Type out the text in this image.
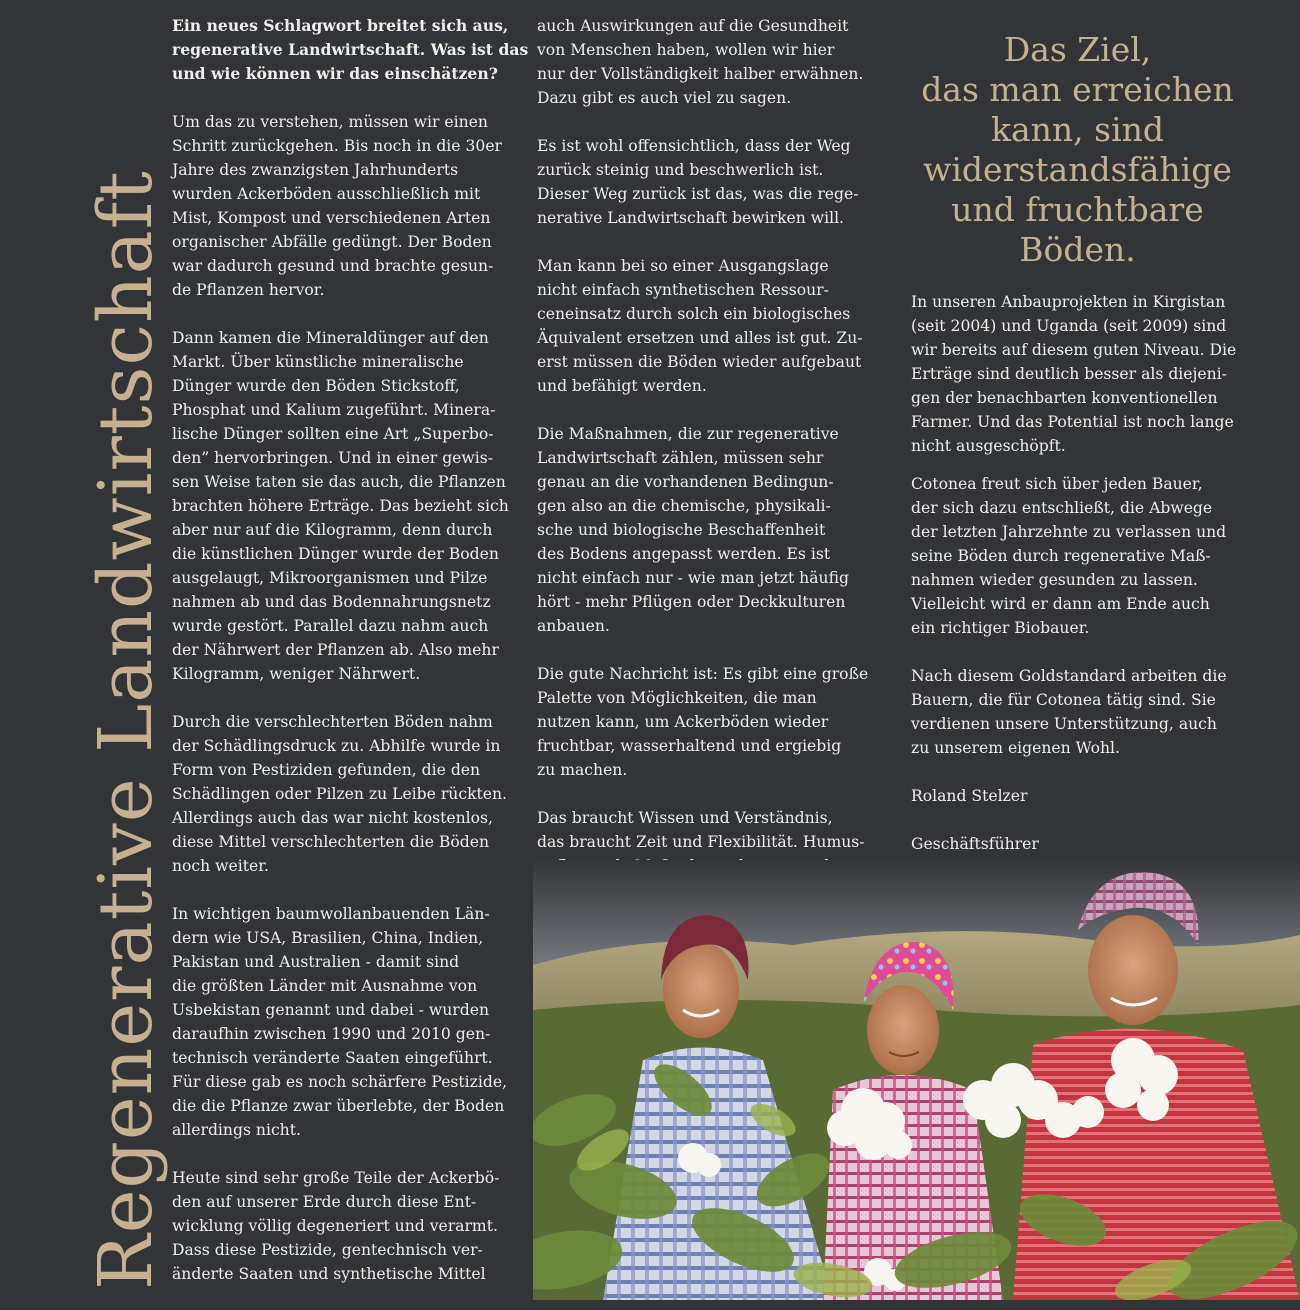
Regenerative Landwirtschaft

Ein neues Schlagwort breitet sich aus,
regenerative Landwirtschaft. Was ist das
und wie können wir das einschätzen?

Um das zu verstehen, müssen wir einen
Schritt zurückgehen. Bis noch in die 30er
Jahre des zwanzigsten Jahrhunderts
wurden Ackerböden ausschließlich mit
Mist, Kompost und verschiedenen Arten
organischer Abfälle gedüngt. Der Boden
war dadurch gesund und brachte gesun-
de Pflanzen hervor.

Dann kamen die Mineraldünger auf den
Markt. Über künstliche mineralische
Dünger wurde den Böden Stickstoff,
Phosphat und Kalium zugeführt. Minera-
lische Dünger sollten eine Art „Superbo-
den” hervorbringen. Und in einer gewis-
sen Weise taten sie das auch, die Pflanzen
brachten höhere Erträge. Das bezieht sich
aber nur auf die Kilogramm, denn durch
die künstlichen Dünger wurde der Boden
ausgelaugt, Mikroorganismen und Pilze
nahmen ab und das Bodennahrungsnetz
wurde gestört. Parallel dazu nahm auch
der Nährwert der Pflanzen ab. Also mehr
Kilogramm, weniger Nährwert.

Durch die verschlechterten Böden nahm
der Schädlingsdruck zu. Abhilfe wurde in
Form von Pestiziden gefunden, die den
Schädlingen oder Pilzen zu Leibe rückten.
Allerdings auch das war nicht kostenlos,
diese Mittel verschlechterten die Böden
noch weiter.

In wichtigen baumwollanbauenden Län-
dern wie USA, Brasilien, China, Indien,
Pakistan und Australien - damit sind
die größten Länder mit Ausnahme von
Usbekistan genannt und dabei - wurden
daraufhin zwischen 1990 und 2010 gen-
technisch veränderte Saaten eingeführt.
Für diese gab es noch schärfere Pestizide,
die die Pflanze zwar überlebte, der Boden
allerdings nicht.

Heute sind sehr große Teile der Ackerbö-
den auf unserer Erde durch diese Ent-
wicklung völlig degeneriert und verarmt.
Dass diese Pestizide, gentechnisch ver-
änderte Saaten und synthetische Mittel

auch Auswirkungen auf die Gesundheit
von Menschen haben, wollen wir hier
nur der Vollständigkeit halber erwähnen.
Dazu gibt es auch viel zu sagen.

Es ist wohl offensichtlich, dass der Weg
zurück steinig und beschwerlich ist.
Dieser Weg zurück ist das, was die rege-
nerative Landwirtschaft bewirken will.

Man kann bei so einer Ausgangslage
nicht einfach synthetischen Ressour-
ceneinsatz durch solch ein biologisches
Äquivalent ersetzen und alles ist gut. Zu-
erst müssen die Böden wieder aufgebaut
und befähigt werden.

Die Maßnahmen, die zur regenerative
Landwirtschaft zählen, müssen sehr
genau an die vorhandenen Bedingun-
gen also an die chemische, physikali-
sche und biologische Beschaffenheit
des Bodens angepasst werden. Es ist
nicht einfach nur - wie man jetzt häufig
hört - mehr Pflügen oder Deckkulturen
anbauen.

Die gute Nachricht ist: Es gibt eine große
Palette von Möglichkeiten, die man
nutzen kann, um Ackerböden wieder
fruchtbar, wasserhaltend und ergiebig
zu machen.

Das braucht Wissen und Verständnis,
das braucht Zeit und Flexibilität. Humus-

Das Ziel,
das man erreichen
kann, sind
widerstandsfähige
und fruchtbare
Böden.

In unseren Anbauprojekten in Kirgistan
(seit 2004) und Uganda (seit 2009) sind
wir bereits auf diesem guten Niveau. Die
Erträge sind deutlich besser als diejeni-
gen der benachbarten konventionellen
Farmer. Und das Potential ist noch lange
nicht ausgeschöpft.

Cotonea freut sich über jeden Bauer,
der sich dazu entschließt, die Abwege
der letzten Jahrzehnte zu verlassen und
seine Böden durch regenerative Maß-
nahmen wieder gesunden zu lassen.
Vielleicht wird er dann am Ende auch
ein richtiger Biobauer.

Nach diesem Goldstandard arbeiten die
Bauern, die für Cotonea tätig sind. Sie
verdienen unsere Unterstützung, auch
zu unserem eigenen Wohl.

Roland Stelzer

Geschäftsführer
